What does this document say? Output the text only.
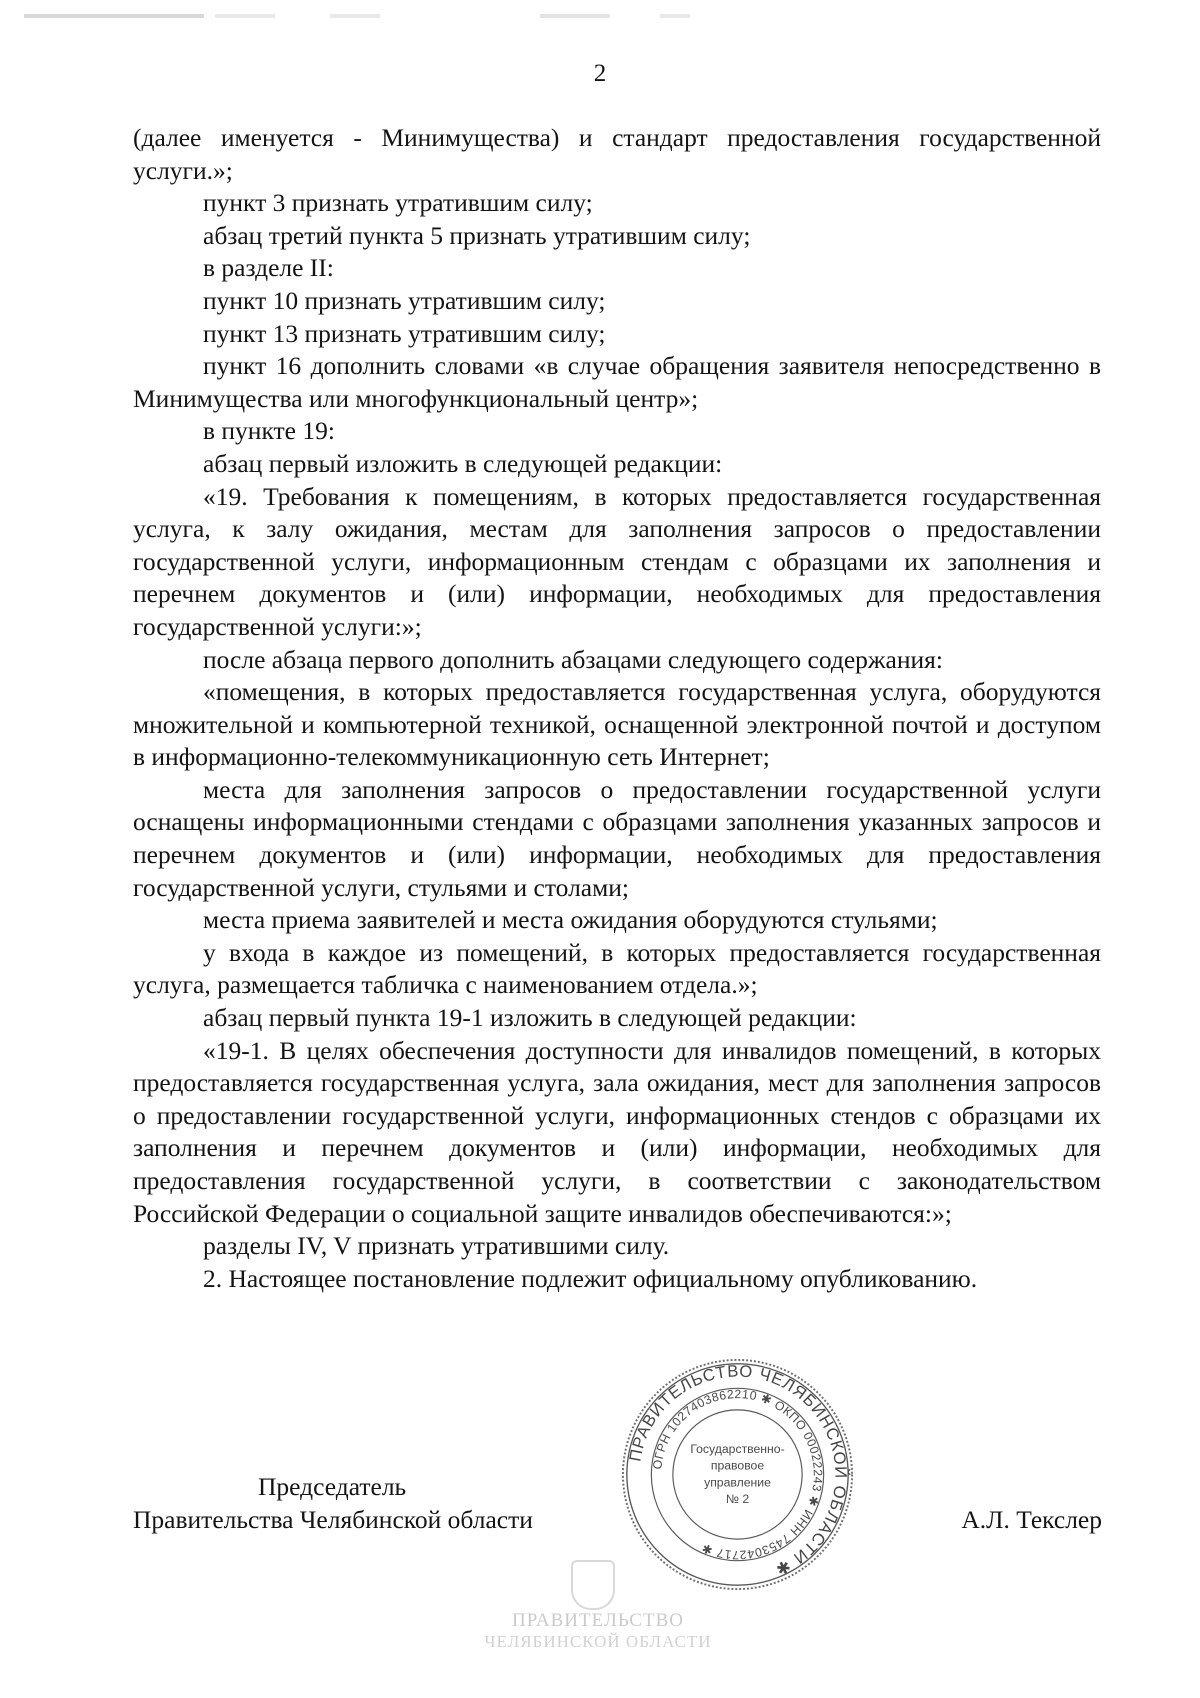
2

(далее именуется - Минимущества) и стандарт предоставления государственной услуги.»;

пункт 3 признать утратившим силу;

абзац третий пункта 5 признать утратившим силу;

в разделе II:

пункт 10 признать утратившим силу;

пункт 13 признать утратившим силу;

пункт 16 дополнить словами «в случае обращения заявителя непосредственно в Минимущества или многофункциональный центр»;

в пункте 19:

абзац первый изложить в следующей редакции:

«19. Требования к помещениям, в которых предоставляется государственная услуга, к залу ожидания, местам для заполнения запросов о предоставлении государственной услуги, информационным стендам с образцами их заполнения и перечнем документов и (или) информации, необходимых для предоставления государственной услуги:»;

после абзаца первого дополнить абзацами следующего содержания:

«помещения, в которых предоставляется государственная услуга, оборудуются множительной и компьютерной техникой, оснащенной электронной почтой и доступом в информационно-телекоммуникационную сеть Интернет;

места для заполнения запросов о предоставлении государственной услуги оснащены информационными стендами с образцами заполнения указанных запросов и перечнем документов и (или) информации, необходимых для предоставления государственной услуги, стульями и столами;

места приема заявителей и места ожидания оборудуются стульями;

у входа в каждое из помещений, в которых предоставляется государственная услуга, размещается табличка с наименованием отдела.»;

абзац первый пункта 19-1 изложить в следующей редакции:

«19-1. В целях обеспечения доступности для инвалидов помещений, в которых предоставляется государственная услуга, зала ожидания, мест для заполнения запросов о предоставлении государственной услуги, информационных стендов с образцами их заполнения и перечнем документов и (или) информации, необходимых для предоставления государственной услуги, в соответствии с законодательством Российской Федерации о социальной защите инвалидов обеспечиваются:»;

разделы IV, V признать утратившими силу.

2. Настоящее постановление подлежит официальному опубликованию.

Председатель
Правительства Челябинской области	А.Л. Текслер
ПРАВИТЕЛЬСТВО
ЧЕЛЯБИНСКОЙ ОБЛАСТИ
ПРАВИТЕЛЬСТВО ЧЕЛЯБИНСКОЙ ОБЛАСТИ ✱
ОГРН 1027403862210 ✱ ОКПО 00022243 ✱ ИНН 7453042717 ✱
Государственно-
правовое
управление
№ 2
